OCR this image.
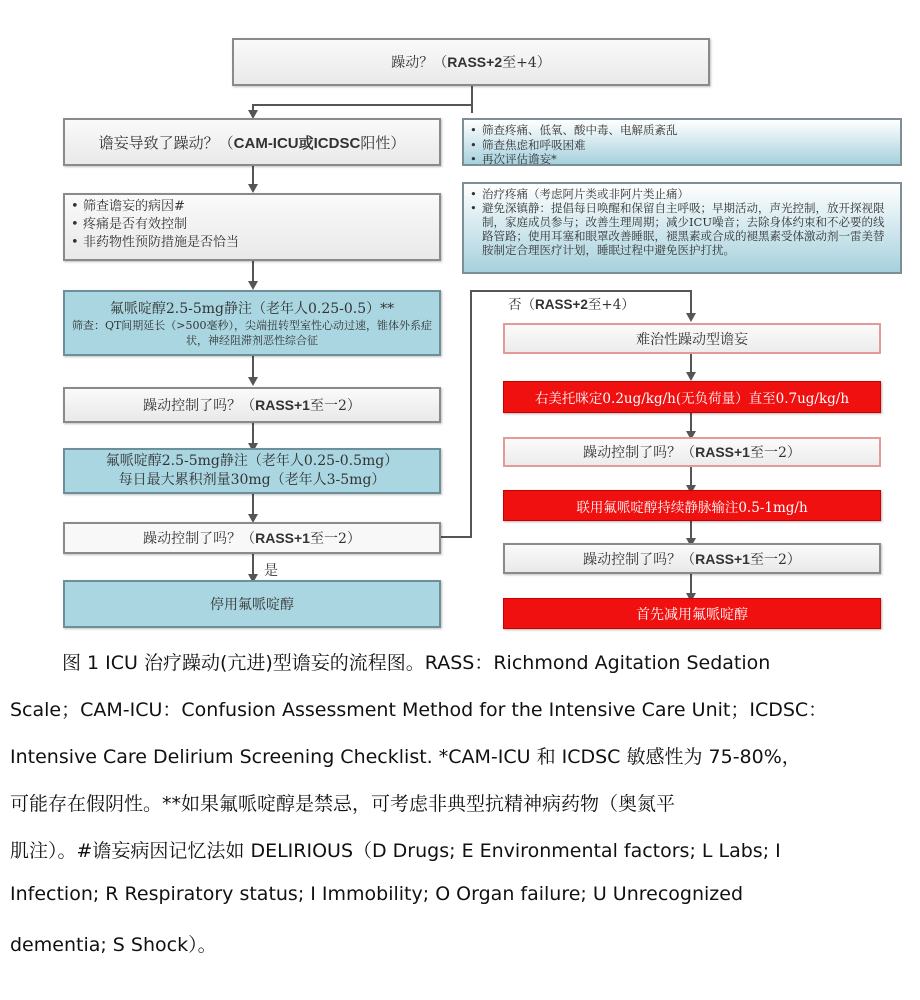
躁动？（ RASS+2 至+4）
谵妄导致了躁动？（ CAM-ICU或ICDSC 阳性）
• 筛查谵妄的病因#
• 疼痛是否有效控制
• 非药物性预防措施是否恰当
氟哌啶醇2.5-5mg静注（老年人0.25-0.5）**
筛查：QT间期延长（>500毫秒），尖端扭转型室性心动过速，锥体外系症状，神经阻滞剂恶性综合征
躁动控制了吗？（ RASS+1 至一2）
氟哌啶醇2.5-5mg静注（老年人0.25-0.5mg）
每日最大累积剂量30mg（老年人3-5mg）
躁动控制了吗？（ RASS+1 至一2）
是
停用氟哌啶醇
• 筛查疼痛、低氧、酸中毒、电解质紊乱
• 筛查焦虑和呼吸困难
• 再次评估谵妄*
• 治疗疼痛（考虑阿片类或非阿片类止痛）
• 避免深镇静：提倡每日唤醒和保留自主呼吸；早期活动，声光控制，放开探视限制，家庭成员参与；改善生理周期；减少ICU噪音；去除身体约束和不必要的线路管路；使用耳塞和眼罩改善睡眠，褪黑素或合成的褪黑素受体激动剂一雷美替胺制定合理医疗计划，睡眠过程中避免医护打扰。
否（RASS+2至+4）
难治性躁动型谵妄
右美托咪定0.2ug/kg/h(无负荷量）直至0.7ug/kg/h
躁动控制了吗？（ RASS+1 至一2）
联用氟哌啶醇持续静脉输注0.5-1mg/h
躁动控制了吗？（ RASS+1 至一2）
首先减用氟哌啶醇
图 1 ICU 治疗躁动(亢进)型谵妄的流程图。RASS：Richmond Agitation Sedation
Scale；CAM-ICU：Confusion Assessment Method for the Intensive Care Unit；ICDSC：
Intensive Care Delirium Screening Checklist. *CAM-ICU 和 ICDSC 敏感性为 75-80%，
可能存在假阴性。**如果氟哌啶醇是禁忌，可考虑非典型抗精神病药物（奥氮平
肌注）。#谵妄病因记忆法如 DELIRIOUS（D Drugs; E Environmental factors; L Labs; I
Infection; R Respiratory status; I Immobility; O Organ failure; U Unrecognized
dementia; S Shock）。
